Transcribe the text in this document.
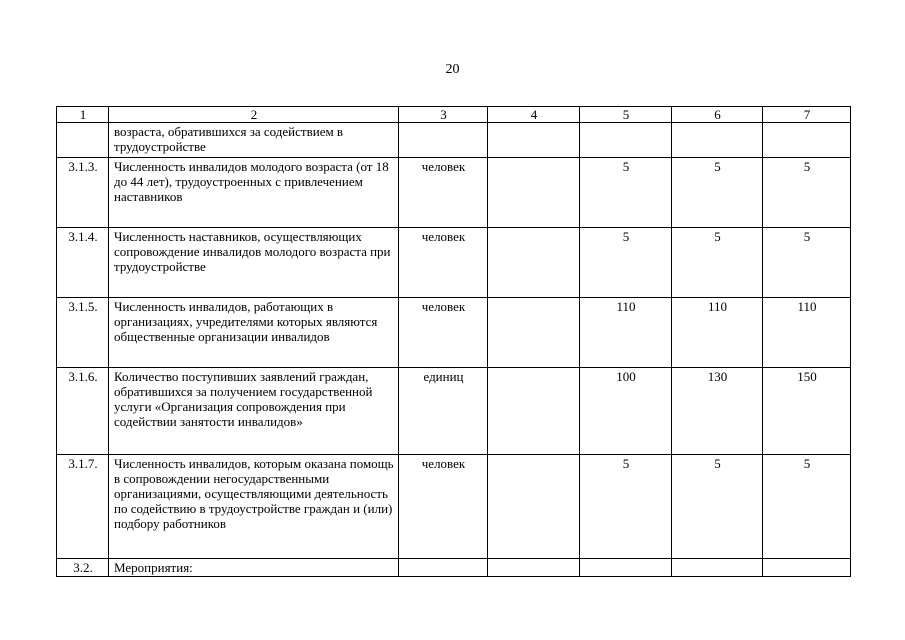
20
1	2	3	4	5	6	7
	возраста, обратившихся за содействием в трудоустройстве					
3.1.3.	Численность инвалидов молодого возраста (от 18 до 44 лет), трудоустроенных с привлечением наставников	человек		5	5	5
3.1.4.	Численность наставников, осуществляющих сопровождение инвалидов молодого возраста при трудоустройстве	человек		5	5	5
3.1.5.	Численность инвалидов, работающих в организациях, учредителями которых являются общественные организации инвалидов	человек		110	110	110
3.1.6.	Количество поступивших заявлений граждан, обратившихся за получением государственной услуги «Организация сопровождения при содействии занятости инвалидов»	единиц		100	130	150
3.1.7.	Численность инвалидов, которым оказана помощь в сопровождении негосударственными организациями, осуществляющими деятельность по содействию в трудоустройстве граждан и (или) подбору работников	человек		5	5	5
3.2.	Мероприятия:					
